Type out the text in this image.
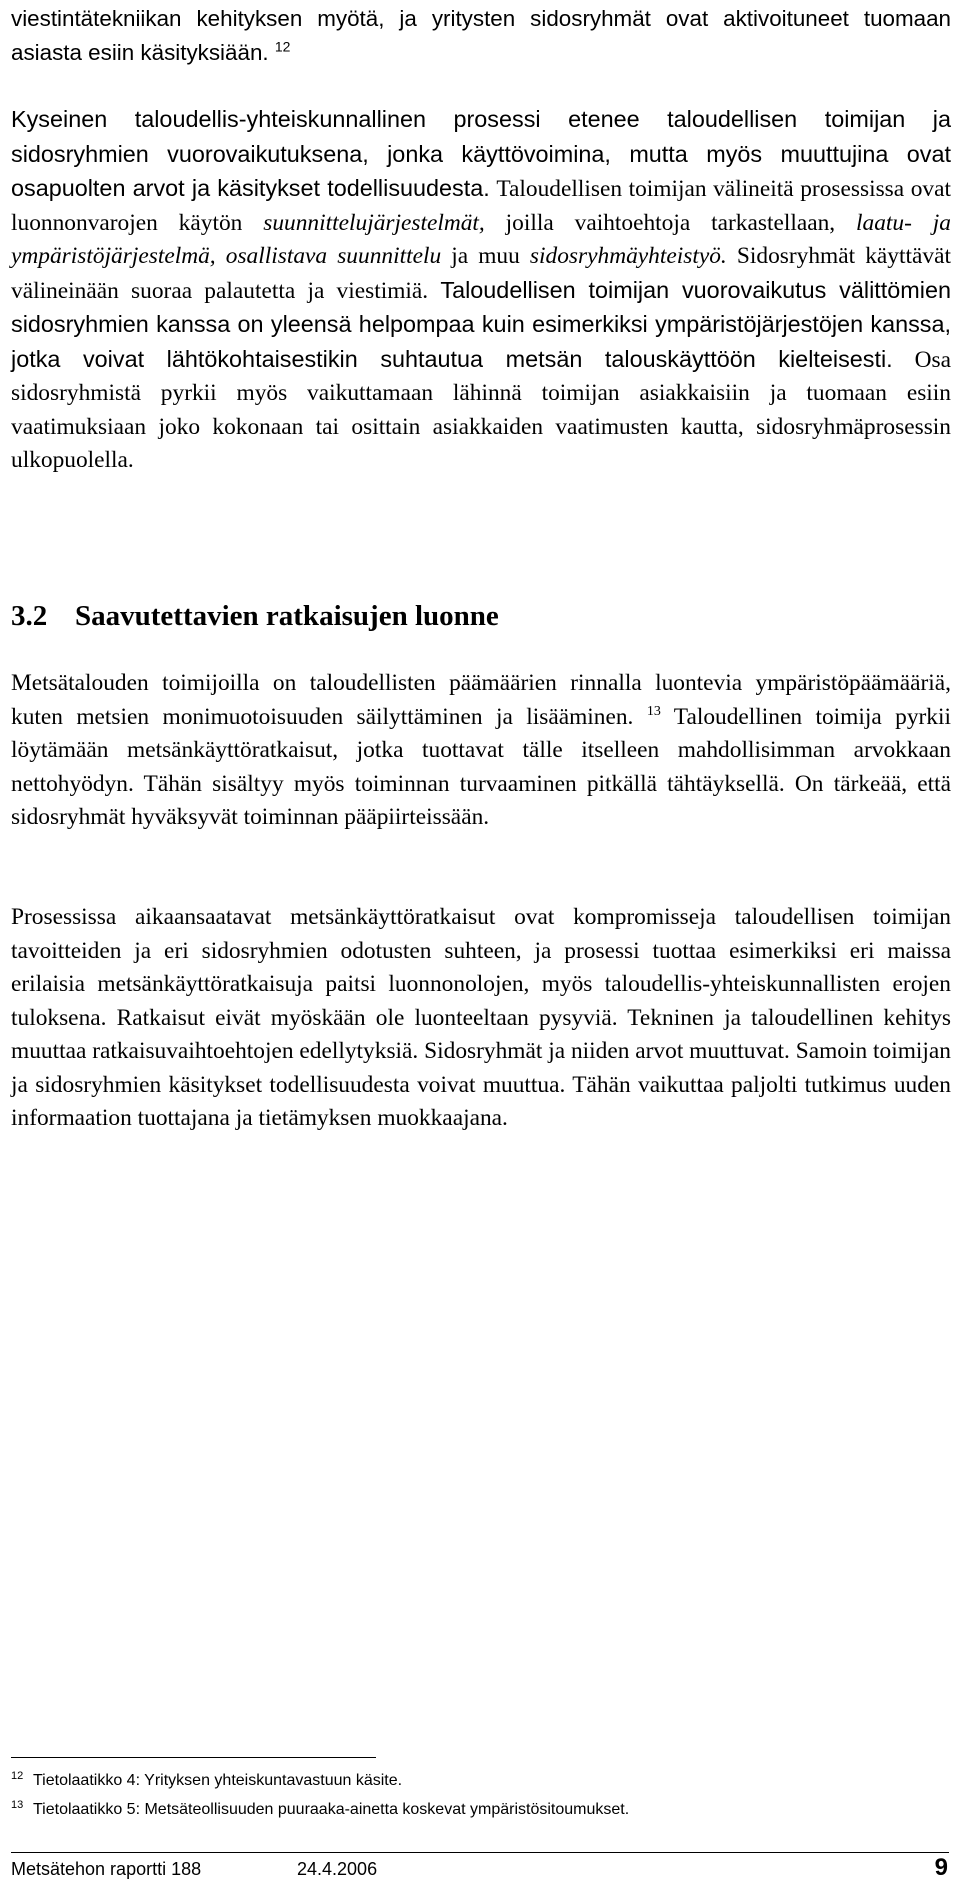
viestintätekniikan kehityksen myötä, ja yritysten sidosryhmät ovat aktivoituneet tuomaan asiasta esiin käsityksiään. $^{12}$

Kyseinen taloudellis-yhteiskunnallinen prosessi etenee taloudellisen toimijan ja sidosryhmien vuorovaikutuksena, jonka käyttövoimina, mutta myös muuttujina ovat osapuolten arvot ja käsitykset todellisuudesta. Taloudellisen toimijan välineitä prosessissa ovat luonnonvarojen käytön suunnittelujärjestelmät, joilla vaihtoehtoja tarkastellaan, laatu- ja ympäristöjärjestelmä, osallistava suunnittelu ja muu sidosryhmäyhteistyö. Sidosryhmät käyttävät välineinään suoraa palautetta ja viestimiä. Taloudellisen toimijan vuorovaikutus välittömien sidosryhmien kanssa on yleensä helpompaa kuin esimerkiksi ympäristöjärjestöjen kanssa, jotka voivat lähtökohtaisestikin suhtautua metsän talouskäyttöön kielteisesti. Osa sidosryhmistä pyrkii myös vaikuttamaan lähinnä toimijan asiakkaisiin ja tuomaan esiin vaatimuksiaan joko kokonaan tai osittain asiakkaiden vaatimusten kautta, sidosryhmäprosessin ulkopuolella.

3.2 Saavutettavien ratkaisujen luonne

Metsätalouden toimijoilla on taloudellisten päämäärien rinnalla luontevia ympäristöpäämääriä, kuten metsien monimuotoisuuden säilyttäminen ja lisääminen. $^{13}$ Taloudellinen toimija pyrkii löytämään metsänkäyttöratkaisut, jotka tuottavat tälle itselleen mahdollisimman arvokkaan nettohyödyn. Tähän sisältyy myös toiminnan turvaaminen pitkällä tähtäyksellä. On tärkeää, että sidosryhmät hyväksyvät toiminnan pääpiirteissään.

Prosessissa aikaansaatavat metsänkäyttöratkaisut ovat kompromisseja taloudellisen toimijan tavoitteiden ja eri sidosryhmien odotusten suhteen, ja prosessi tuottaa esimerkiksi eri maissa erilaisia metsänkäyttöratkaisuja paitsi luonnonolojen, myös taloudellis-yhteiskunnallisten erojen tuloksena. Ratkaisut eivät myöskään ole luonteeltaan pysyviä. Tekninen ja taloudellinen kehitys muuttaa ratkaisuvaihtoehtojen edellytyksiä. Sidosryhmät ja niiden arvot muuttuvat. Samoin toimijan ja sidosryhmien käsitykset todellisuudesta voivat muuttua. Tähän vaikuttaa paljolti tutkimus uuden informaation tuottajana ja tietämyksen muokkaajana.

12 Tietolaatikko 4: Yrityksen yhteiskuntavastuun käsite.

13 Tietolaatikko 5: Metsäteollisuuden puuraaka-ainetta koskevat ympäristösitoumukset.

Metsätehon raportti 188	24.4.2006	9
